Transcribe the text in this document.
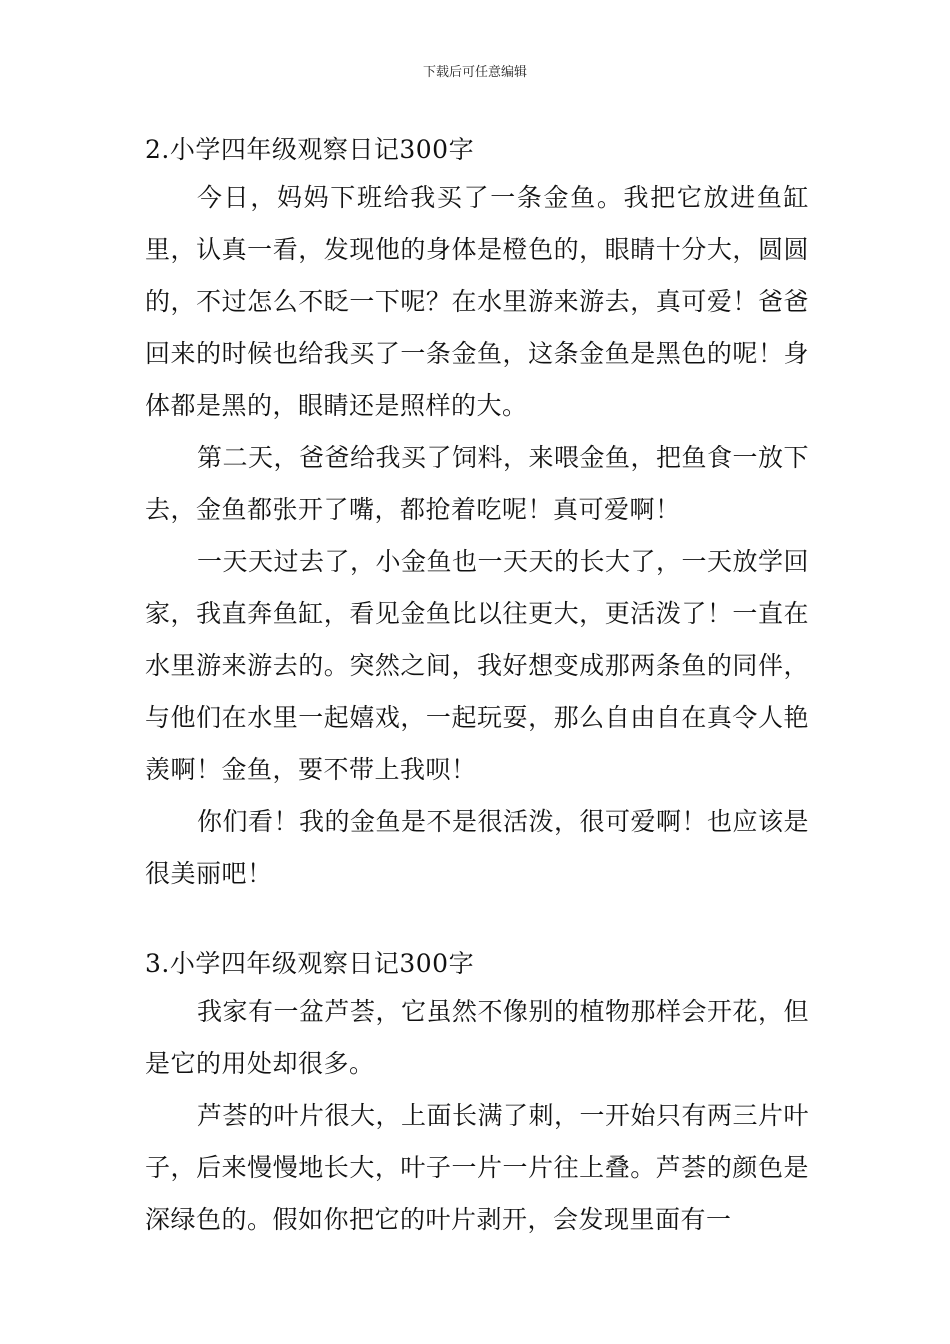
下载后可任意编辑
2.小学四年级观察日记300字

今日，妈妈下班给我买了一条金鱼。我把它放进鱼缸里，认真一看，发现他的身体是橙色的，眼睛十分大，圆圆的，不过怎么不眨一下呢？在水里游来游去，真可爱！爸爸回来的时候也给我买了一条金鱼，这条金鱼是黑色的呢！身体都是黑的，眼睛还是照样的大。

第二天，爸爸给我买了饲料，来喂金鱼，把鱼食一放下去，金鱼都张开了嘴，都抢着吃呢！真可爱啊！

一天天过去了，小金鱼也一天天的长大了，一天放学回家，我直奔鱼缸，看见金鱼比以往更大，更活泼了！一直在水里游来游去的。突然之间，我好想变成那两条鱼的同伴，与他们在水里一起嬉戏，一起玩耍，那么自由自在真令人艳羡啊！金鱼，要不带上我呗！

你们看！我的金鱼是不是很活泼，很可爱啊！也应该是很美丽吧！

3.小学四年级观察日记300字

我家有一盆芦荟，它虽然不像别的植物那样会开花，但是它的用处却很多。

芦荟的叶片很大，上面长满了刺，一开始只有两三片叶子，后来慢慢地长大，叶子一片一片往上叠。芦荟的颜色是深绿色的。假如你把它的叶片剥开，会发现里面有一
